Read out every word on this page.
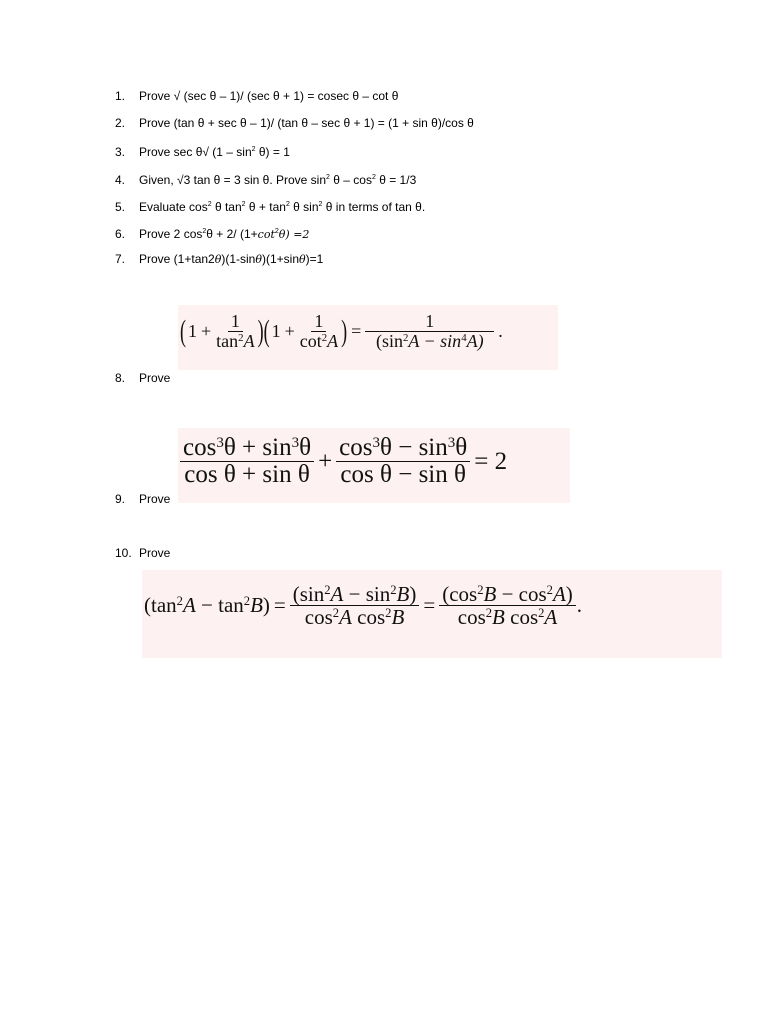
1. Prove √ (sec θ – 1)/ (sec θ + 1) = cosec θ – cot θ
2. Prove (tan θ + sec θ – 1)/ (tan θ – sec θ + 1) = (1 + sin θ)/cos θ
3. Prove sec θ√ $(1 - \sin^2 \theta) = 1$
4. Given, √3 tan θ = 3 sin θ. Prove $\sin^2 \theta - \cos^2 \theta = 1/3$
5. Evaluate $\cos^2 \theta$ $\tan^2 \theta + \tan^2 \theta$ $\sin^2 \theta$ in terms of tan θ.
6. Prove 2 $\cos^2\theta + 2/$ $(1+\cot^2\theta) =2$
7. Prove (1+tan2θ)(1-sinθ)(1+sinθ)=1
8. Prove
9. Prove
10. Prove
( $1 + \frac{1}{\tan^2A}$ )( $1 + \frac{1}{\cot^2A}$ ) = $\frac{1}{(\sin^2A - \sin^4A)}$ .
$\frac{\cos^3\theta + \sin^3\theta}{\text{cos θ + sin θ}} + \frac{\cos^3\theta - \sin^3\theta}{\text{cos θ − sin θ}} = 2$
$(\tan^2A - \tan^2B) = \frac{(\sin^2A - \sin^2B)}{\cos^2A \cos^2B} = \frac{(\cos^2B - \cos^2A)}{\cos^2B \cos^2A}$ .
